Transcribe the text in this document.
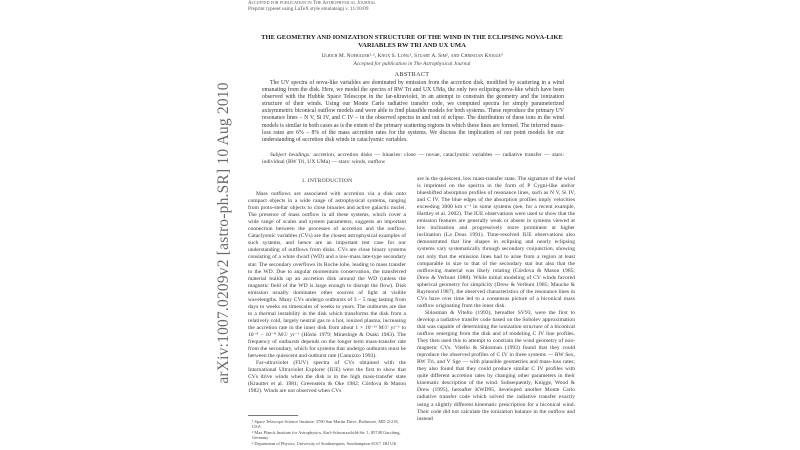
arXiv:1007.0209v2 [astro-ph.SR] 10 Aug 2010
Accepted for publication in The Astrophysical Journal
Preprint typeset using LaTeX style emulateapj v. 11/10/09
THE GEOMETRY AND IONIZATION STRUCTURE OF THE WIND IN THE ECLIPSING NOVA-LIKE VARIABLES RW TRI AND UX UMA
Ulrich M. Noebauer¹·², Knox S. Long¹, Stuart A. Sim², and Christian Knigge³
Accepted for publication in The Astrophysical Journal
ABSTRACT

The UV spectra of nova-like variables are dominated by emission from the accretion disk, modified by scattering in a wind emanating from the disk. Here, we model the spectra of RW Tri and UX UMa, the only two eclipsing nova-like which have been observed with the Hubble Space Telescope in the far-ultraviolet, in an attempt to constrain the geometry and the ionization structure of their winds. Using our Monte Carlo radiative transfer code, we computed spectra for simply parameterized axisymmetric biconical outflow models and were able to find plausible models for both systems. These reproduce the primary UV resonance lines – N V, Si IV, and C IV – in the observed spectra in and out of eclipse. The distribution of these ions in the wind models is similar in both cases as is the extent of the primary scattering regions in which these lines are formed. The inferred mass-loss rates are 6% – 8% of the mass accretion rates for the systems. We discuss the implication of our point models for our understanding of accretion disk winds in cataclysmic variables.

Subject headings: accretion, accretion disks — binaries: close — novae, cataclysmic variables — radiative transfer — stars: individual (RW Tri, UX UMa) — stars: winds, outflow
1. INTRODUCTION

Mass outflows are associated with accretion via a disk onto compact objects in a wide range of astrophysical systems, ranging from proto-stellar objects to close binaries and active galactic nuclei. The presence of mass outflow in all these systems, which cover a wide range of scales and system parameters, suggests an important connection between the processes of accretion and the outflow. Cataclysmic variables (CVs) are the closest astrophysical examples of such systems, and hence are an important test case for our understanding of outflows from disks. CVs are close binary systems consisting of a white dwarf (WD) and a low-mass late-type secondary star. The secondary overflows its Roche lobe, leading to mass transfer to the WD. Due to angular momentum conservation, the transferred material builds up an accretion disk around the WD (unless the magnetic field of the WD is large enough to disrupt the flow). Disk emission usually dominates other sources of light at visible wavelengths. Many CVs undergo outbursts of 3 – 5 mag lasting from days to weeks on timescales of weeks to years. The outbursts are due to a thermal instability in the disk which transforms the disk from a relatively cold, largely neutral gas to a hot, ionized plasma, increasing the accretion rate in the inner disk from about 1 × 10⁻¹¹ M☉ yr⁻¹ to 10⁻⁸ – 10⁻⁸ M☉ yr⁻¹ (Hōshi 1979; Mineshige & Osaki 1983). The frequency of outbursts depends on the longer term mass-transfer rate from the secondary, which for systems that undergo outbursts must be between the quiescent and outburst rate (Cannizzo 1993).

Far-ultraviolet (FUV) spectra of CVs obtained with the International Ultraviolet Explorer (IUE) were the first to show that CVs drive winds when the disk is in the high mass-transfer state (Krautter et al. 1981; Greenstein & Oke 1982; Córdova & Mason 1982). Winds are not observed when CVs

are in the quiescent, low mass-transfer state. The signature of the wind is imprinted on the spectra in the form of P Cygni-like and/or blueshifted absorption profiles of resonance lines, such as N V, Si IV, and C IV. The blue edges of the absorption profiles imply velocities exceeding 3000 km s⁻¹ in some systems (see, for a recent example, Hartley et al. 2002). The IUE observations were used to show that the emission features are generally weak or absent in systems viewed at low inclination and progressively more prominent at higher inclination (La Dous 1991). Time-resolved IUE observations also demonstrated that line shapes in eclipsing and nearly eclipsing systems vary systematically through secondary conjunction, showing not only that the emission lines had to arise from a region at least comparable in size to that of the secondary star but also that the outflowing material was likely rotating (Córdova & Mason 1985; Drew & Verbunt 1988). While initial modeling of CV winds favored spherical geometry for simplicity (Drew & Verbunt 1985; Mauche & Raymond 1987), the observed characteristics of the resonance lines in CVs have over time led to a consensus picture of a biconical mass outflow originating from the inner disk.

Shlosman & Vitello (1993), hereafter SV93, were the first to develop a radiative transfer code based on the Sobolev approximation that was capable of determining the ionization structure of a biconical outflow emerging from the disk and of modeling C IV line profiles. They then used this to attempt to constrain the wind geometry of non-magnetic CVs. Vitello & Shlosman (1993) found that they could reproduce the observed profiles of C IV in three systems — RW Sex, RW Tri, and V Sge — with plausible geometries and mass-loss rates; they also found that they could produce similar C IV profiles with quite different accretion rates by changing other parameters in their kinematic description of the wind. Subsequently, Knigge, Wood & Drew (1995), hereafter KWD95, developed another Monte Carlo radiative transfer code which solved the radiative transfer exactly using a slightly different kinematic prescription for a biconical wind. Their code did not calculate the ionization balance in the outflow and instead

¹ Space Telescope Science Institute, 3700 San Martin Drive, Baltimore, MD 21218, USA
² Max Planck Institute for Astrophysics, Karl-Schwarzschild-Str. 1, 85748 Garching, Germany
³ Department of Physics, University of Southampton, Southampton SO17 1BJ UK
